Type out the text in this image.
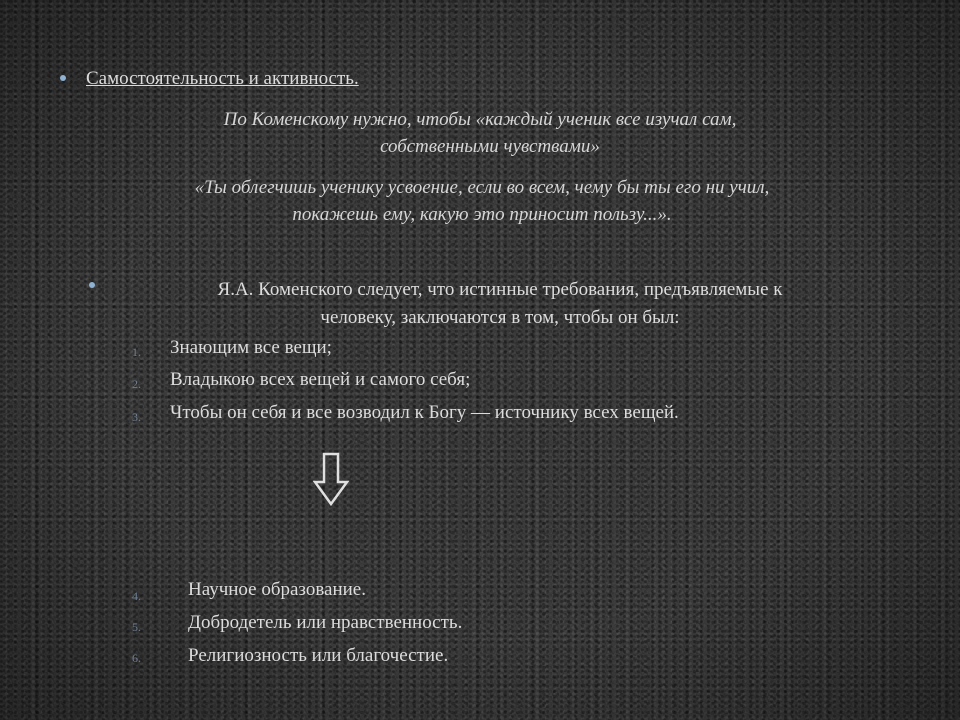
Самостоятельность и активность.
По Коменскому нужно, чтобы «каждый ученик все изучал сам,
собственными чувствами»
«Ты облегчишь ученику усвоение, если во всем, чему бы ты его ни учил,
покажешь ему, какую это приносит пользу...».
Я.А. Коменского следует, что истинные требования, предъявляемые к
человеку, заключаются в том, чтобы он был:
1. Знающим все вещи;
2. Владыкою всех вещей и самого себя;
3. Чтобы он себя и все возводил к Богу — источнику всех вещей.
4. Научное образование.
5. Добродетель или нравственность.
6. Религиозность или благочестие.
